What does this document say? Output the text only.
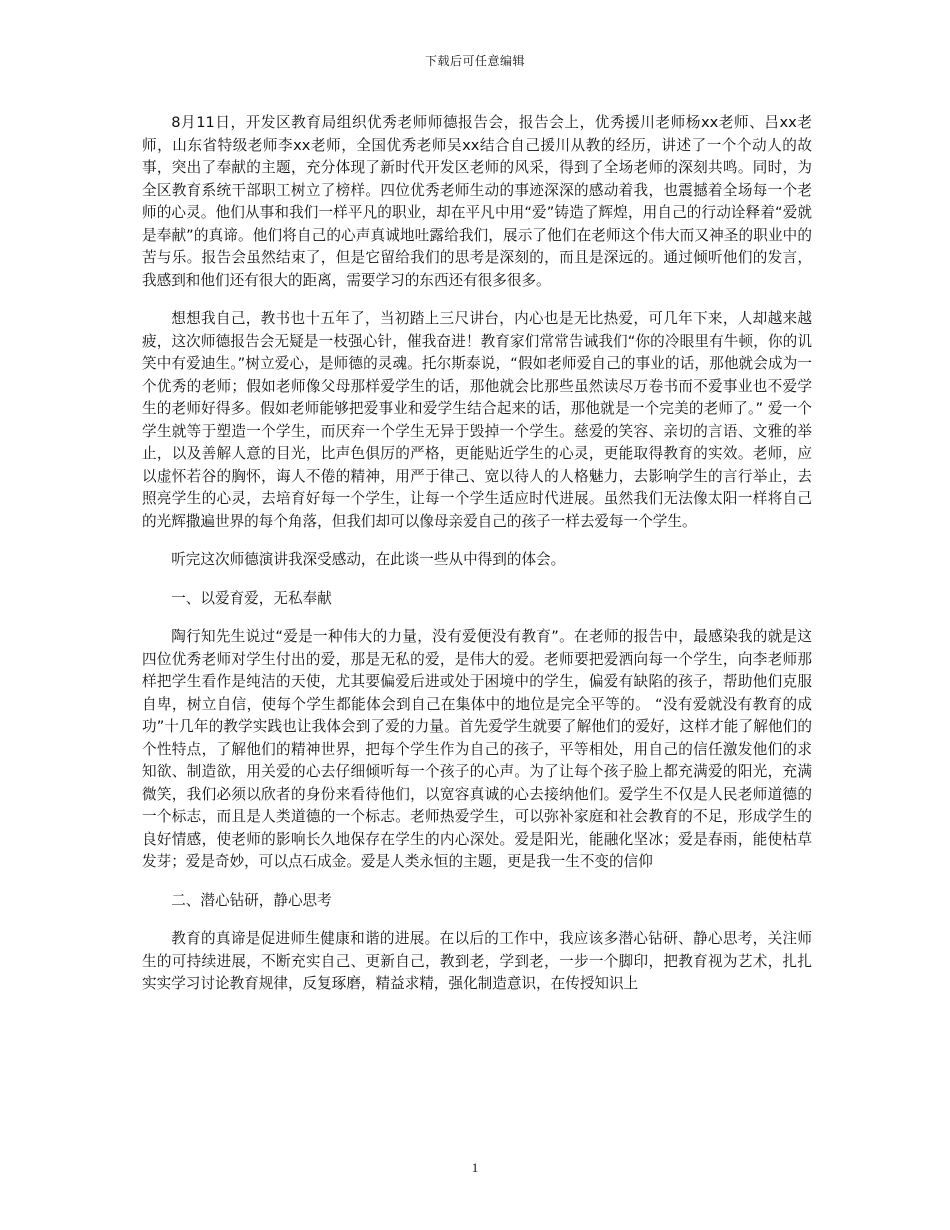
下载后可任意编辑

8月11日，开发区教育局组织优秀老师师德报告会，报告会上，优秀援川老师杨xx老师、吕xx老师，山东省特级老师李xx老师，全国优秀老师吴xx结合自己援川从教的经历，讲述了一个个动人的故事，突出了奉献的主题，充分体现了新时代开发区老师的风采，得到了全场老师的深刻共鸣。同时，为全区教育系统干部职工树立了榜样。四位优秀老师生动的事迹深深的感动着我，也震撼着全场每一个老师的心灵。他们从事和我们一样平凡的职业，却在平凡中用“爱”铸造了辉煌，用自己的行动诠释着“爱就是奉献”的真谛。他们将自己的心声真诚地吐露给我们，展示了他们在老师这个伟大而又神圣的职业中的苦与乐。报告会虽然结束了，但是它留给我们的思考是深刻的，而且是深远的。通过倾听他们的发言，我感到和他们还有很大的距离，需要学习的东西还有很多很多。

想想我自己，教书也十五年了，当初踏上三尺讲台，内心也是无比热爱，可几年下来，人却越来越疲，这次师德报告会无疑是一枝强心针，催我奋进！教育家们常常告诫我们“你的冷眼里有牛顿，你的讥笑中有爱迪生。”树立爱心，是师德的灵魂。托尔斯泰说，“假如老师爱自己的事业的话，那他就会成为一个优秀的老师；假如老师像父母那样爱学生的话，那他就会比那些虽然读尽万卷书而不爱事业也不爱学生的老师好得多。假如老师能够把爱事业和爱学生结合起来的话，那他就是一个完美的老师了。” 爱一个学生就等于塑造一个学生，而厌弃一个学生无异于毁掉一个学生。慈爱的笑容、亲切的言语、文雅的举止，以及善解人意的目光，比声色俱厉的严格，更能贴近学生的心灵，更能取得教育的实效。老师，应以虚怀若谷的胸怀，诲人不倦的精神，用严于律己、宽以待人的人格魅力，去影响学生的言行举止，去照亮学生的心灵，去培育好每一个学生，让每一个学生适应时代进展。虽然我们无法像太阳一样将自己的光辉撒遍世界的每个角落，但我们却可以像母亲爱自己的孩子一样去爱每一个学生。

听完这次师德演讲我深受感动，在此谈一些从中得到的体会。

一、以爱育爱，无私奉献

陶行知先生说过“爱是一种伟大的力量，没有爱便没有教育”。在老师的报告中，最感染我的就是这四位优秀老师对学生付出的爱，那是无私的爱，是伟大的爱。老师要把爱洒向每一个学生，向李老师那样把学生看作是纯洁的天使，尤其要偏爱后进或处于困境中的学生，偏爱有缺陷的孩子，帮助他们克服自卑，树立自信，使每个学生都能体会到自己在集体中的地位是完全平等的。 “没有爱就没有教育的成功”十几年的教学实践也让我体会到了爱的力量。首先爱学生就要了解他们的爱好，这样才能了解他们的个性特点，了解他们的精神世界，把每个学生作为自己的孩子，平等相处，用自己的信任激发他们的求知欲、制造欲，用关爱的心去仔细倾听每一个孩子的心声。为了让每个孩子脸上都充满爱的阳光，充满微笑，我们必须以欣者的身份来看待他们，以宽容真诚的心去接纳他们。爱学生不仅是人民老师道德的一个标志，而且是人类道德的一个标志。老师热爱学生，可以弥补家庭和社会教育的不足，形成学生的良好情感，使老师的影响长久地保存在学生的内心深处。爱是阳光，能融化坚冰；爱是春雨，能使枯草发芽；爱是奇妙，可以点石成金。爱是人类永恒的主题，更是我一生不变的信仰

二、潜心钻研，静心思考

教育的真谛是促进师生健康和谐的进展。在以后的工作中，我应该多潜心钻研、静心思考，关注师生的可持续进展，不断充实自己、更新自己，教到老，学到老，一步一个脚印，把教育视为艺术，扎扎实实学习讨论教育规律，反复琢磨，精益求精，强化制造意识，在传授知识上

1
